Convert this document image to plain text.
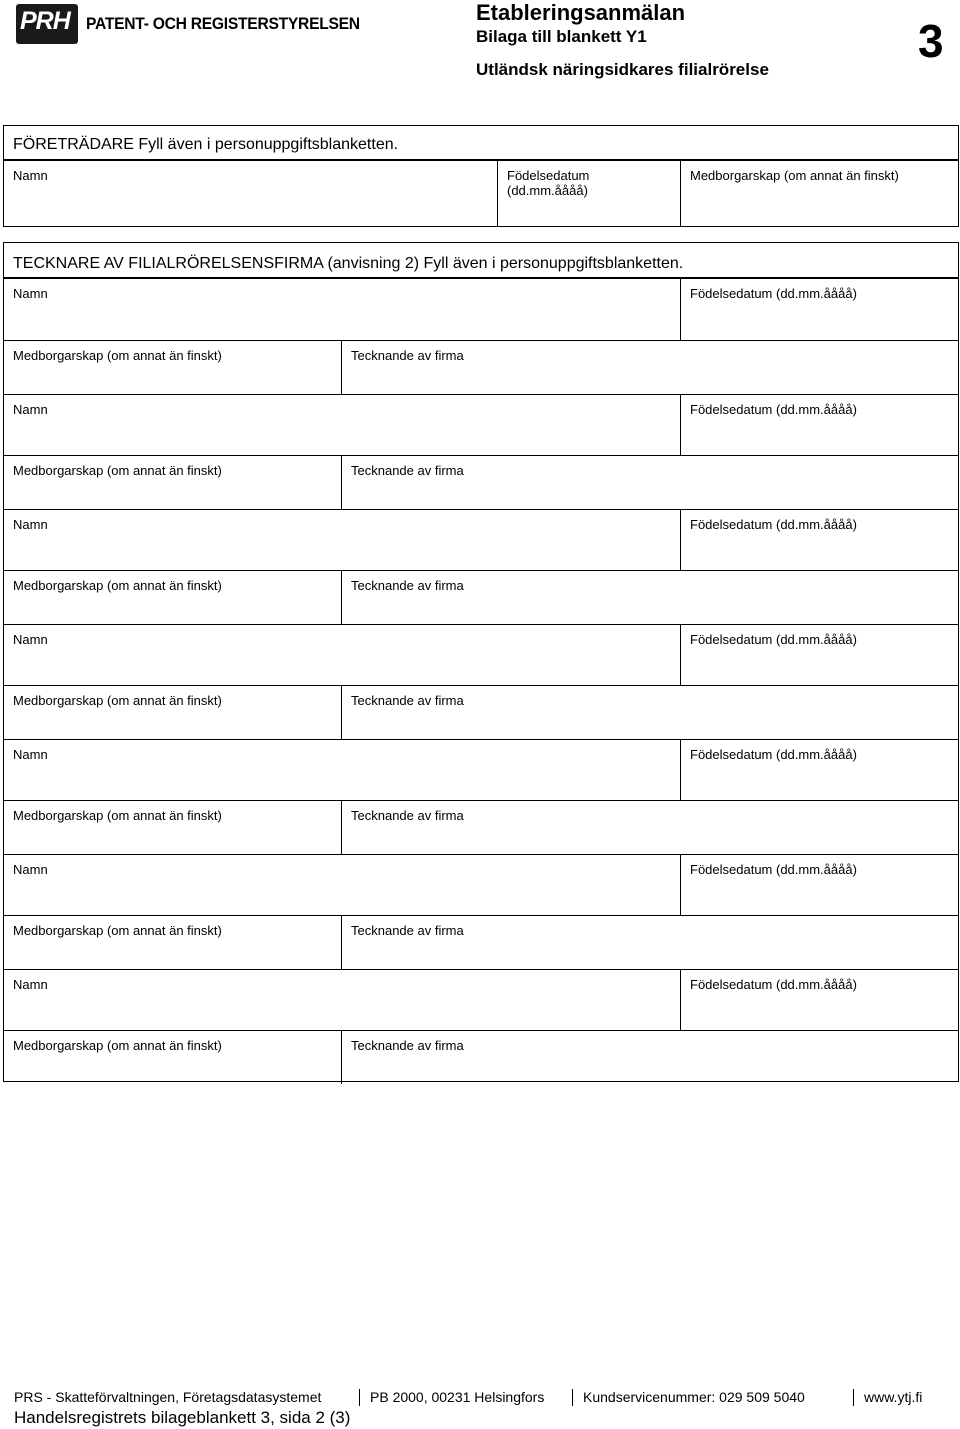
PRH PATENT- OCH REGISTERSTYRELSEN	Etableringsanmälan
Bilaga till blankett Y1
Utländsk näringsidkares filialrörelse
3
FÖRETRÄDARE Fyll även i personuppgiftsblanketten.
Namn	Födelsedatum (dd.mm.åååå)
Medborgarskap (om annat än finskt)
TECKNARE AV FILIALRÖRELSENSFIRMA (anvisning 2) Fyll även i personuppgiftsblanketten.
Namn	Födelsedatum (dd.mm.åååå)
Medborgarskap (om annat än finskt)	Tecknande av firma
Namn	Födelsedatum (dd.mm.åååå)
Medborgarskap (om annat än finskt)	Tecknande av firma
Namn	Födelsedatum (dd.mm.åååå)
Medborgarskap (om annat än finskt)	Tecknande av firma
Namn	Födelsedatum (dd.mm.åååå)
Medborgarskap (om annat än finskt)	Tecknande av firma
Namn	Födelsedatum (dd.mm.åååå)
Medborgarskap (om annat än finskt)	Tecknande av firma
Namn	Födelsedatum (dd.mm.åååå)
Medborgarskap (om annat än finskt)	Tecknande av firma
Namn	Födelsedatum (dd.mm.åååå)
Medborgarskap (om annat än finskt)	Tecknande av firma
PRS - Skatteförvaltningen, Företagsdatasystemet	PB 2000, 00231 Helsingfors	Kundservicenummer: 029 509 5040	www.ytj.fi
Handelsregistrets bilageblankett 3, sida 2 (3)
